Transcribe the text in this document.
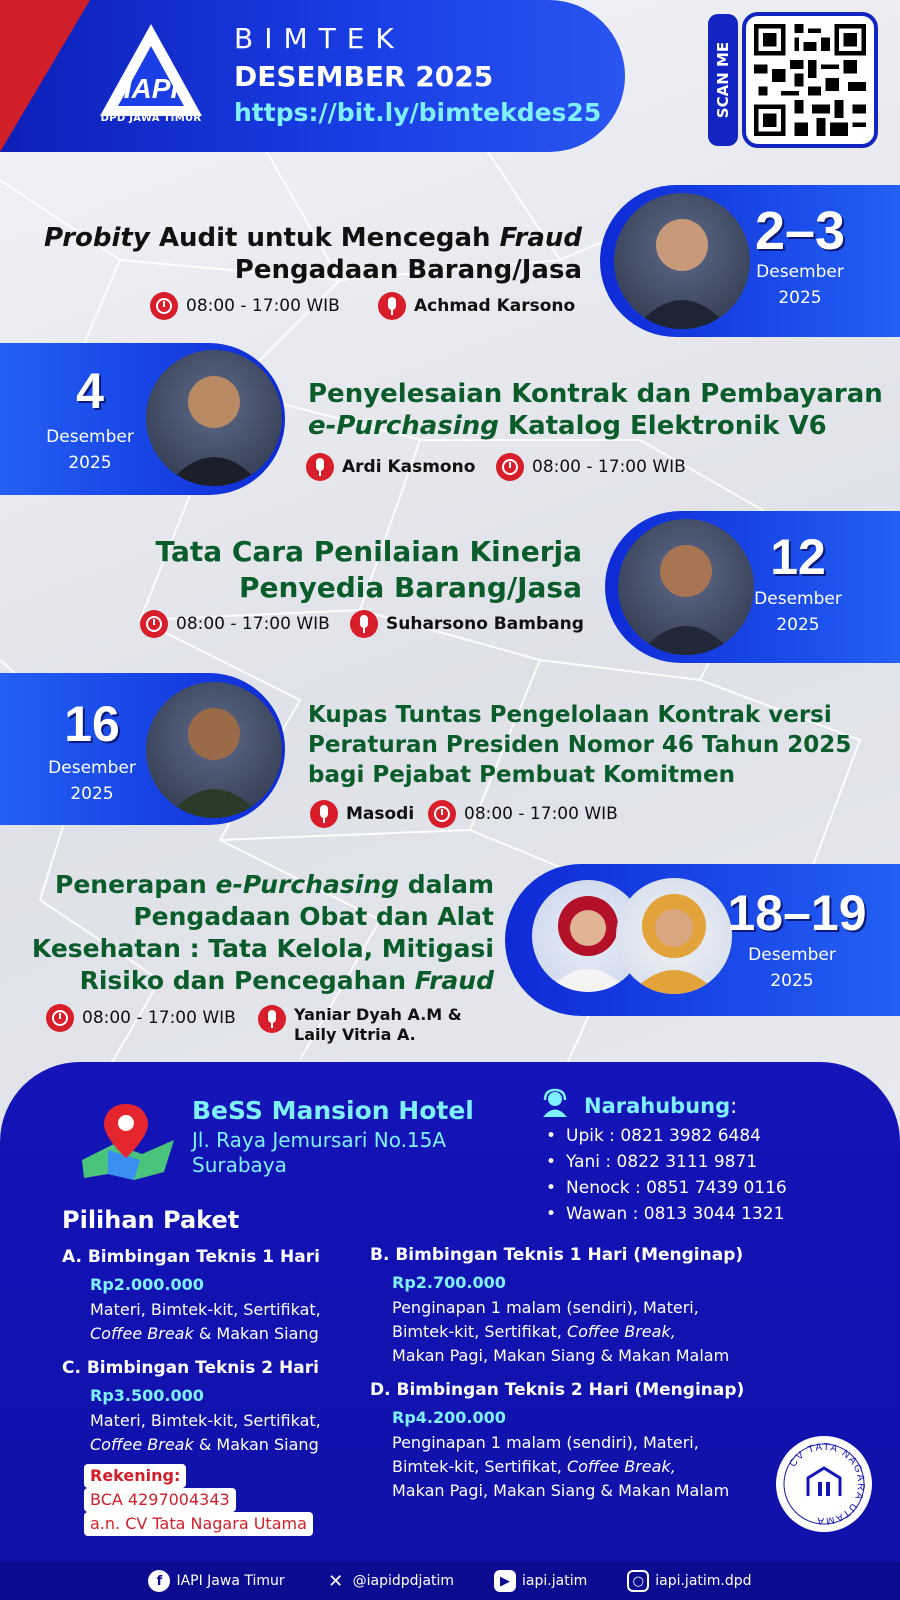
IAPI
DPD JAWA TIMUR
BIMTEK
DESEMBER 2025
https://bit.ly/bimtekdes25	SCAN ME
2–3
Desember
2025
Probity Audit untuk Mencegah Fraud
Pengadaan Barang/Jasa
08:00 - 17:00 WIB	Achmad Karsono
4
Desember
2025
Penyelesaian Kontrak dan Pembayaran
e-Purchasing Katalog Elektronik V6
Ardi Kasmono	08:00 - 17:00 WIB
12
Desember
2025
Tata Cara Penilaian Kinerja
Penyedia Barang/Jasa
08:00 - 17:00 WIB	Suharsono Bambang
16
Desember
2025
Kupas Tuntas Pengelolaan Kontrak versi
Peraturan Presiden Nomor 46 Tahun 2025
bagi Pejabat Pembuat Komitmen
Masodi	08:00 - 17:00 WIB
18–19
Desember
2025
Penerapan e-Purchasing dalam
Pengadaan Obat dan Alat
Kesehatan : Tata Kelola, Mitigasi
Risiko dan Pencegahan Fraud
08:00 - 17:00 WIB	Yaniar Dyah A.M &
Laily Vitria A.
BeSS Mansion Hotel
Jl. Raya Jemursari No.15A
Surabaya
Narahubung:
• Upik : 0821 3982 6484
• Yani : 0822 3111 9871
• Nenock : 0851 7439 0116
• Wawan : 0813 3044 1321
Pilihan Paket
A. Bimbingan Teknis 1 Hari
Rp2.000.000
Materi, Bimtek-kit, Sertifikat,
Coffee Break & Makan Siang
C. Bimbingan Teknis 2 Hari
Rp3.500.000
Materi, Bimtek-kit, Sertifikat,
Coffee Break & Makan Siang
B. Bimbingan Teknis 1 Hari (Menginap)
Rp2.700.000
Penginapan 1 malam (sendiri), Materi,
Bimtek-kit, Sertifikat, Coffee Break,
Makan Pagi, Makan Siang & Makan Malam
D. Bimbingan Teknis 2 Hari (Menginap)
Rp4.200.000
Penginapan 1 malam (sendiri), Materi,
Bimtek-kit, Sertifikat, Coffee Break,
Makan Pagi, Makan Siang & Makan Malam
Rekening:
BCA 4297004343
a.n. CV Tata Nagara Utama
CV TATA NAGARA UTAMA
f	IAPI Jawa Timur ✕ @iapidpdjatim	▶ iapi.jatim	○ iapi.jatim.dpd
